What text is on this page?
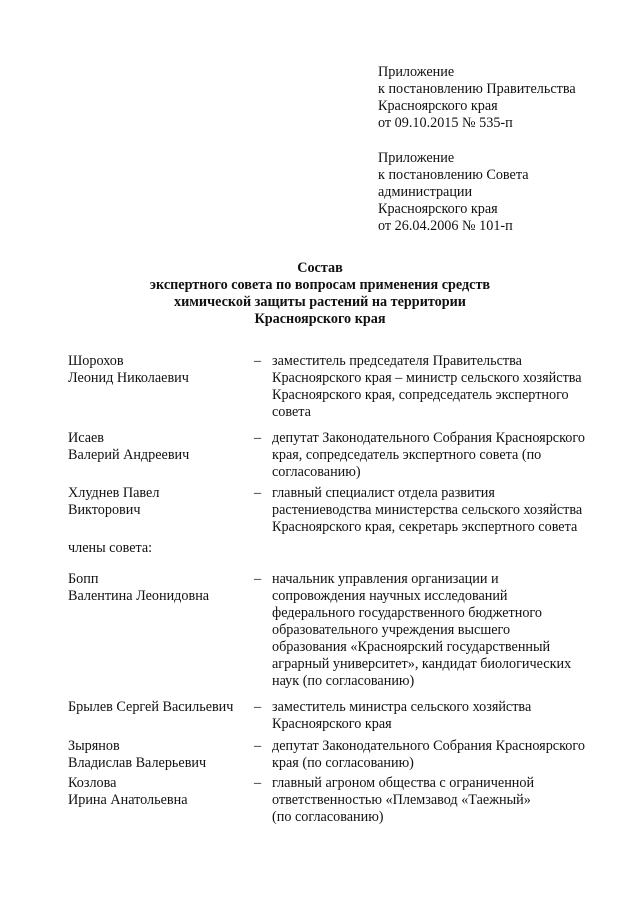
Приложение
к постановлению Правительства
Красноярского края
от 09.10.2015 № 535-п
Приложение
к постановлению Совета
администрации
Красноярского края
от 26.04.2006 № 101-п
Состав
экспертного совета по вопросам применения средств
химической защиты растений на территории
Красноярского края
Шорохов
Леонид Николаевич
– заместитель председателя Правительства
Красноярского края – министр сельского хозяйства
Красноярского края, сопредседатель экспертного
совета
Исаев
Валерий Андреевич
– депутат Законодательного Собрания Красноярского
края, сопредседатель экспертного совета (по
согласованию)
Хлуднев Павел
Викторович
– главный специалист отдела развития
растениеводства министерства сельского хозяйства
Красноярского края, секретарь экспертного совета
члены совета:
Бопп
Валентина Леонидовна
– начальник управления организации и
сопровождения научных исследований
федерального государственного бюджетного
образовательного учреждения высшего
образования «Красноярский государственный
аграрный университет», кандидат биологических
наук (по согласованию)
Брылев Сергей Васильевич	– заместитель министра сельского хозяйства
Красноярского края
Зырянов
Владислав Валерьевич
– депутат Законодательного Собрания Красноярского
края (по согласованию)
Козлова
Ирина Анатольевна
– главный агроном общества с ограниченной
ответственностью «Племзавод «Таежный»
(по согласованию)
